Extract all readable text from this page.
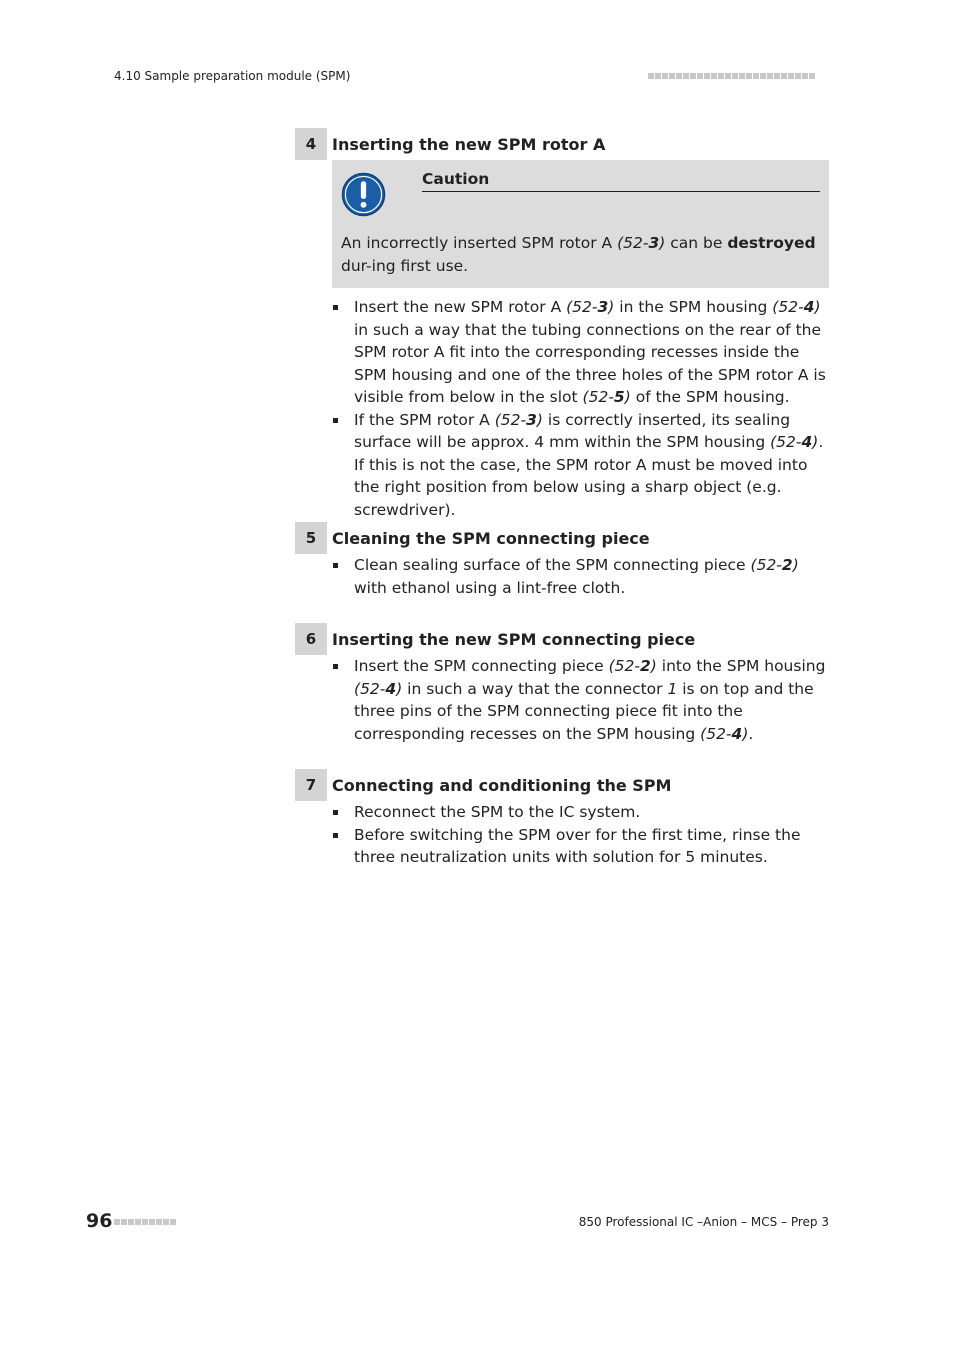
4.10 Sample preparation module (SPM)
4 Inserting the new SPM rotor A
Caution
An incorrectly inserted SPM rotor A (52-3) can be destroyed dur-ing first use.
Insert the new SPM rotor A (52-3) in the SPM housing (52-4) in such a way that the tubing connections on the rear of the SPM rotor A fit into the corresponding recesses inside the SPM housing and one of the three holes of the SPM rotor A is visible from below in the slot (52-5) of the SPM housing.
If the SPM rotor A (52-3) is correctly inserted, its sealing surface will be approx. 4 mm within the SPM housing (52-4). If this is not the case, the SPM rotor A must be moved into the right position from below using a sharp object (e.g. screwdriver).
5 Cleaning the SPM connecting piece
Clean sealing surface of the SPM connecting piece (52-2) with ethanol using a lint-free cloth.
6 Inserting the new SPM connecting piece
Insert the SPM connecting piece (52-2) into the SPM housing (52-4) in such a way that the connector 1 is on top and the three pins of the SPM connecting piece fit into the corresponding recesses on the SPM housing (52-4).
7 Connecting and conditioning the SPM
Reconnect the SPM to the IC system.
Before switching the SPM over for the first time, rinse the three neutralization units with solution for 5 minutes.
96	850 Professional IC –Anion – MCS – Prep 3
